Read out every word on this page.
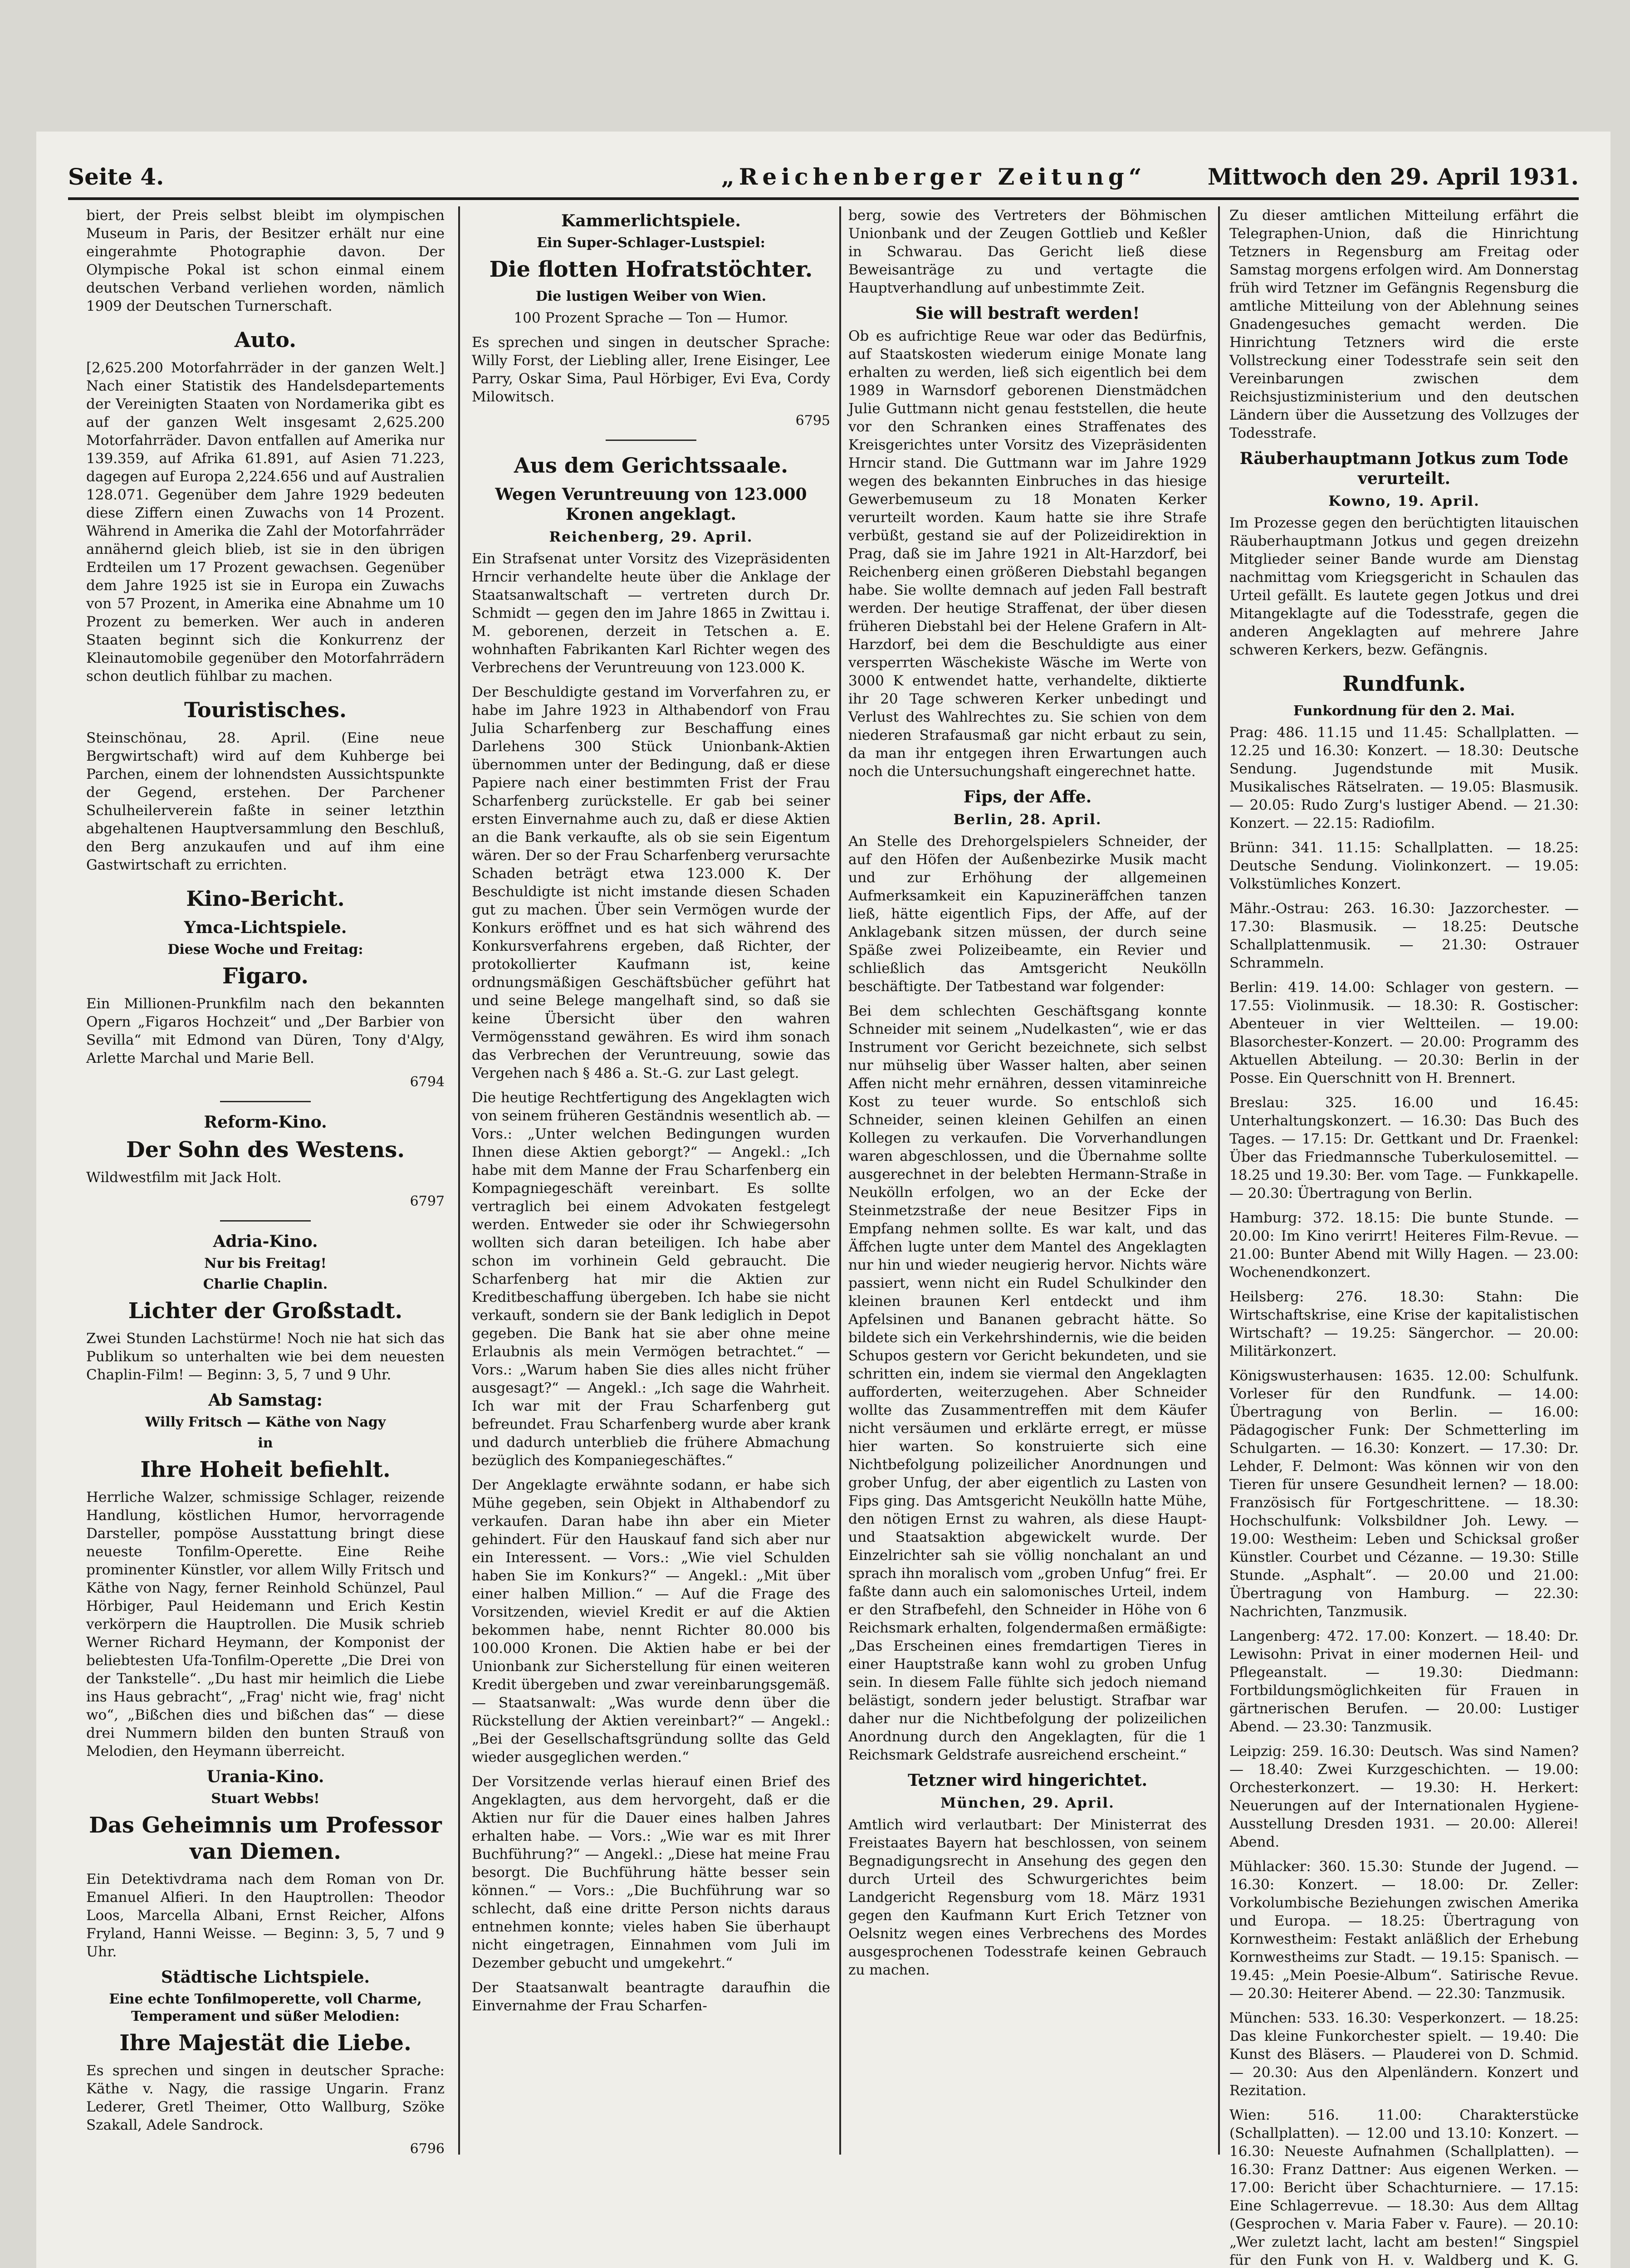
Seite 4.	„Reichenberger Zeitung“	Mittwoch den 29. April 1931.

biert, der Preis selbst bleibt im olympischen Museum in Paris, der Besitzer erhält nur eine eingerahmte Photographie davon. Der Olympische Pokal ist schon einmal einem deutschen Verband verliehen worden, nämlich 1909 der Deutschen Turnerschaft.

Auto.

[2,625.200 Motorfahrräder in der ganzen Welt.] Nach einer Statistik des Handelsdepartements der Vereinigten Staaten von Nordamerika gibt es auf der ganzen Welt insgesamt 2,625.200 Motorfahrräder. Davon entfallen auf Amerika nur 139.359, auf Afrika 61.891, auf Asien 71.223, dagegen auf Europa 2,224.656 und auf Australien 128.071. Gegenüber dem Jahre 1929 bedeuten diese Ziffern einen Zuwachs von 14 Prozent. Während in Amerika die Zahl der Motorfahrräder annähernd gleich blieb, ist sie in den übrigen Erdteilen um 17 Prozent gewachsen. Gegenüber dem Jahre 1925 ist sie in Europa ein Zuwachs von 57 Prozent, in Amerika eine Abnahme um 10 Prozent zu bemerken. Wer auch in anderen Staaten beginnt sich die Konkurrenz der Kleinautomobile gegenüber den Motorfahrrädern schon deutlich fühlbar zu machen.

Touristisches.

Steinschönau, 28. April. (Eine neue Bergwirtschaft) wird auf dem Kuhberge bei Parchen, einem der lohnendsten Aussichtspunkte der Gegend, erstehen. Der Parchener Schulheilerverein faßte in seiner letzthin abgehaltenen Hauptversammlung den Beschluß, den Berg anzukaufen und auf ihm eine Gastwirtschaft zu errichten.

Kino-Bericht.
Ymca-Lichtspiele.
Diese Woche und Freitag:
Figaro.

Ein Millionen-Prunkfilm nach den bekannten Opern „Figaros Hochzeit“ und „Der Barbier von Sevilla“ mit Edmond van Düren, Tony d'Algy, Arlette Marchal und Marie Bell.

6794
Reform-Kino.
Der Sohn des Westens.

Wildwestfilm mit Jack Holt.

6797
Adria-Kino.
Nur bis Freitag!
Charlie Chaplin.
Lichter der Großstadt.

Zwei Stunden Lachstürme! Noch nie hat sich das Publikum so unterhalten wie bei dem neuesten Chaplin-Film! — Beginn: 3, 5, 7 und 9 Uhr.

Ab Samstag:
Willy Fritsch — Käthe von Nagy
in
Ihre Hoheit befiehlt.

Herrliche Walzer, schmissige Schlager, reizende Handlung, köstlichen Humor, hervorragende Darsteller, pompöse Ausstattung bringt diese neueste Tonfilm-Operette. Eine Reihe prominenter Künstler, vor allem Willy Fritsch und Käthe von Nagy, ferner Reinhold Schünzel, Paul Hörbiger, Paul Heidemann und Erich Kestin verkörpern die Hauptrollen. Die Musik schrieb Werner Richard Heymann, der Komponist der beliebtesten Ufa-Tonfilm-Operette „Die Drei von der Tankstelle“. „Du hast mir heimlich die Liebe ins Haus gebracht“, „Frag' nicht wie, frag' nicht wo“, „Bißchen dies und bißchen das“ — diese drei Nummern bilden den bunten Strauß von Melodien, den Heymann überreicht.

Urania-Kino.
Stuart Webbs!
Das Geheimnis um Professor van Diemen.

Ein Detektivdrama nach dem Roman von Dr. Emanuel Alfieri. In den Hauptrollen: Theodor Loos, Marcella Albani, Ernst Reicher, Alfons Fryland, Hanni Weisse. — Beginn: 3, 5, 7 und 9 Uhr.

Städtische Lichtspiele.
Eine echte Tonfilmoperette, voll Charme, Temperament und süßer Melodien:
Ihre Majestät die Liebe.

Es sprechen und singen in deutscher Sprache: Käthe v. Nagy, die rassige Ungarin. Franz Lederer, Gretl Theimer, Otto Wallburg, Szöke Szakall, Adele Sandrock.

6796
Kammerlichtspiele.
Ein Super-Schlager-Lustspiel:
Die flotten Hofratstöchter.
Die lustigen Weiber von Wien.

100 Prozent Sprache — Ton — Humor.

Es sprechen und singen in deutscher Sprache: Willy Forst, der Liebling aller, Irene Eisinger, Lee Parry, Oskar Sima, Paul Hörbiger, Evi Eva, Cordy Milowitsch.

6795
Aus dem Gerichtssaale.
Wegen Veruntreuung von 123.000 Kronen angeklagt.
Reichenberg, 29. April.

Ein Strafsenat unter Vorsitz des Vizepräsidenten Hrncir verhandelte heute über die Anklage der Staatsanwaltschaft — vertreten durch Dr. Schmidt — gegen den im Jahre 1865 in Zwittau i. M. geborenen, derzeit in Tetschen a. E. wohnhaften Fabrikanten Karl Richter wegen des Verbrechens der Veruntreuung von 123.000 K.

Der Beschuldigte gestand im Vorverfahren zu, er habe im Jahre 1923 in Althabendorf von Frau Julia Scharfenberg zur Beschaffung eines Darlehens 300 Stück Unionbank-Aktien übernommen unter der Bedingung, daß er diese Papiere nach einer bestimmten Frist der Frau Scharfenberg zurückstelle. Er gab bei seiner ersten Einvernahme auch zu, daß er diese Aktien an die Bank verkaufte, als ob sie sein Eigentum wären. Der so der Frau Scharfenberg verursachte Schaden beträgt etwa 123.000 K. Der Beschuldigte ist nicht imstande diesen Schaden gut zu machen. Über sein Vermögen wurde der Konkurs eröffnet und es hat sich während des Konkursverfahrens ergeben, daß Richter, der protokollierter Kaufmann ist, keine ordnungsmäßigen Geschäftsbücher geführt hat und seine Belege mangelhaft sind, so daß sie keine Übersicht über den wahren Vermögensstand gewähren. Es wird ihm sonach das Verbrechen der Veruntreuung, sowie das Vergehen nach § 486 a. St.-G. zur Last gelegt.

Die heutige Rechtfertigung des Angeklagten wich von seinem früheren Geständnis wesentlich ab. — Vors.: „Unter welchen Bedingungen wurden Ihnen diese Aktien geborgt?“ — Angekl.: „Ich habe mit dem Manne der Frau Scharfenberg ein Kompagniegeschäft vereinbart. Es sollte vertraglich bei einem Advokaten festgelegt werden. Entweder sie oder ihr Schwiegersohn wollten sich daran beteiligen. Ich habe aber schon im vorhinein Geld gebraucht. Die Scharfenberg hat mir die Aktien zur Kreditbeschaffung übergeben. Ich habe sie nicht verkauft, sondern sie der Bank lediglich in Depot gegeben. Die Bank hat sie aber ohne meine Erlaubnis als mein Vermögen betrachtet.“ — Vors.: „Warum haben Sie dies alles nicht früher ausgesagt?“ — Angekl.: „Ich sage die Wahrheit. Ich war mit der Frau Scharfenberg gut befreundet. Frau Scharfenberg wurde aber krank und dadurch unterblieb die frühere Abmachung bezüglich des Kompaniegeschäftes.“

Der Angeklagte erwähnte sodann, er habe sich Mühe gegeben, sein Objekt in Althabendorf zu verkaufen. Daran habe ihn aber ein Mieter gehindert. Für den Hauskauf fand sich aber nur ein Interessent. — Vors.: „Wie viel Schulden haben Sie im Konkurs?“ — Angekl.: „Mit über einer halben Million.“ — Auf die Frage des Vorsitzenden, wieviel Kredit er auf die Aktien bekommen habe, nennt Richter 80.000 bis 100.000 Kronen. Die Aktien habe er bei der Unionbank zur Sicherstellung für einen weiteren Kredit übergeben und zwar vereinbarungsgemäß. — Staatsanwalt: „Was wurde denn über die Rückstellung der Aktien vereinbart?“ — Angekl.: „Bei der Gesellschaftsgründung sollte das Geld wieder ausgeglichen werden.“

Der Vorsitzende verlas hierauf einen Brief des Angeklagten, aus dem hervorgeht, daß er die Aktien nur für die Dauer eines halben Jahres erhalten habe. — Vors.: „Wie war es mit Ihrer Buchführung?“ — Angekl.: „Diese hat meine Frau besorgt. Die Buchführung hätte besser sein können.“ — Vors.: „Die Buchführung war so schlecht, daß eine dritte Person nichts daraus entnehmen konnte; vieles haben Sie überhaupt nicht eingetragen, Einnahmen vom Juli im Dezember gebucht und umgekehrt.“

Der Staatsanwalt beantragte daraufhin die Einvernahme der Frau Scharfen-

berg, sowie des Vertreters der Böhmischen Unionbank und der Zeugen Gottlieb und Keßler in Schwarau. Das Gericht ließ diese Beweisanträge zu und vertagte die Hauptverhandlung auf unbestimmte Zeit.

Sie will bestraft werden!

Ob es aufrichtige Reue war oder das Bedürfnis, auf Staatskosten wiederum einige Monate lang erhalten zu werden, ließ sich eigentlich bei dem 1989 in Warnsdorf geborenen Dienstmädchen Julie Guttmann nicht genau feststellen, die heute vor den Schranken eines Straffenates des Kreisgerichtes unter Vorsitz des Vizepräsidenten Hrncir stand. Die Guttmann war im Jahre 1929 wegen des bekannten Einbruches in das hiesige Gewerbemuseum zu 18 Monaten Kerker verurteilt worden. Kaum hatte sie ihre Strafe verbüßt, gestand sie auf der Polizeidirektion in Prag, daß sie im Jahre 1921 in Alt-Harzdorf, bei Reichenberg einen größeren Diebstahl begangen habe. Sie wollte demnach auf jeden Fall bestraft werden. Der heutige Straffenat, der über diesen früheren Diebstahl bei der Helene Grafern in Alt-Harzdorf, bei dem die Beschuldigte aus einer versperrten Wäschekiste Wäsche im Werte von 3000 K entwendet hatte, verhandelte, diktierte ihr 20 Tage schweren Kerker unbedingt und Verlust des Wahlrechtes zu. Sie schien von dem niederen Strafausmaß gar nicht erbaut zu sein, da man ihr entgegen ihren Erwartungen auch noch die Untersuchungshaft eingerechnet hatte.

Fips, der Affe.
Berlin, 28. April.

An Stelle des Drehorgelspielers Schneider, der auf den Höfen der Außenbezirke Musik macht und zur Erhöhung der allgemeinen Aufmerksamkeit ein Kapuzineräffchen tanzen ließ, hätte eigentlich Fips, der Affe, auf der Anklagebank sitzen müssen, der durch seine Späße zwei Polizeibeamte, ein Revier und schließlich das Amtsgericht Neukölln beschäftigte. Der Tatbestand war folgender:

Bei dem schlechten Geschäftsgang konnte Schneider mit seinem „Nudelkasten“, wie er das Instrument vor Gericht bezeichnete, sich selbst nur mühselig über Wasser halten, aber seinen Affen nicht mehr ernähren, dessen vitaminreiche Kost zu teuer wurde. So entschloß sich Schneider, seinen kleinen Gehilfen an einen Kollegen zu verkaufen. Die Vorverhandlungen waren abgeschlossen, und die Übernahme sollte ausgerechnet in der belebten Hermann-Straße in Neukölln erfolgen, wo an der Ecke der Steinmetzstraße der neue Besitzer Fips in Empfang nehmen sollte. Es war kalt, und das Äffchen lugte unter dem Mantel des Angeklagten nur hin und wieder neugierig hervor. Nichts wäre passiert, wenn nicht ein Rudel Schulkinder den kleinen braunen Kerl entdeckt und ihm Apfelsinen und Bananen gebracht hätte. So bildete sich ein Verkehrshindernis, wie die beiden Schupos gestern vor Gericht bekundeten, und sie schritten ein, indem sie viermal den Angeklagten aufforderten, weiterzugehen. Aber Schneider wollte das Zusammentreffen mit dem Käufer nicht versäumen und erklärte erregt, er müsse hier warten. So konstruierte sich eine Nichtbefolgung polizeilicher Anordnungen und grober Unfug, der aber eigentlich zu Lasten von Fips ging. Das Amtsgericht Neukölln hatte Mühe, den nötigen Ernst zu wahren, als diese Haupt- und Staatsaktion abgewickelt wurde. Der Einzelrichter sah sie völlig nonchalant an und sprach ihn moralisch vom „groben Unfug“ frei. Er faßte dann auch ein salomonisches Urteil, indem er den Strafbefehl, den Schneider in Höhe von 6 Reichsmark erhalten, folgendermaßen ermäßigte: „Das Erscheinen eines fremdartigen Tieres in einer Hauptstraße kann wohl zu groben Unfug sein. In diesem Falle fühlte sich jedoch niemand belästigt, sondern jeder belustigt. Strafbar war daher nur die Nichtbefolgung der polizeilichen Anordnung durch den Angeklagten, für die 1 Reichsmark Geldstrafe ausreichend erscheint.“

Tetzner wird hingerichtet.
München, 29. April.

Amtlich wird verlautbart: Der Ministerrat des Freistaates Bayern hat beschlossen, von seinem Begnadigungsrecht in Ansehung des gegen den durch Urteil des Schwurgerichtes beim Landgericht Regensburg vom 18. März 1931 gegen den Kaufmann Kurt Erich Tetzner von Oelsnitz wegen eines Verbrechens des Mordes ausgesprochenen Todesstrafe keinen Gebrauch zu machen.

Zu dieser amtlichen Mitteilung erfährt die Telegraphen-Union, daß die Hinrichtung Tetzners in Regensburg am Freitag oder Samstag morgens erfolgen wird. Am Donnerstag früh wird Tetzner im Gefängnis Regensburg die amtliche Mitteilung von der Ablehnung seines Gnadengesuches gemacht werden. Die Hinrichtung Tetzners wird die erste Vollstreckung einer Todesstrafe sein seit den Vereinbarungen zwischen dem Reichsjustizministerium und den deutschen Ländern über die Aussetzung des Vollzuges der Todesstrafe.

Räuberhauptmann Jotkus zum Tode verurteilt.
Kowno, 19. April.

Im Prozesse gegen den berüchtigten litauischen Räuberhauptmann Jotkus und gegen dreizehn Mitglieder seiner Bande wurde am Dienstag nachmittag vom Kriegsgericht in Schaulen das Urteil gefällt. Es lautete gegen Jotkus und drei Mitangeklagte auf die Todesstrafe, gegen die anderen Angeklagten auf mehrere Jahre schweren Kerkers, bezw. Gefängnis.

Rundfunk.
Funkordnung für den 2. Mai.

Prag: 486. 11.15 und 11.45: Schallplatten. — 12.25 und 16.30: Konzert. — 18.30: Deutsche Sendung. Jugendstunde mit Musik. Musikalisches Rätselraten. — 19.05: Blasmusik. — 20.05: Rudo Zurg's lustiger Abend. — 21.30: Konzert. — 22.15: Radiofilm.

Brünn: 341. 11.15: Schallplatten. — 18.25: Deutsche Sendung. Violinkonzert. — 19.05: Volkstümliches Konzert.

Mähr.-Ostrau: 263. 16.30: Jazzorchester. — 17.30: Blasmusik. — 18.25: Deutsche Schallplattenmusik. — 21.30: Ostrauer Schrammeln.

Berlin: 419. 14.00: Schlager von gestern. — 17.55: Violinmusik. — 18.30: R. Gostischer: Abenteuer in vier Weltteilen. — 19.00: Blasorchester-Konzert. — 20.00: Programm des Aktuellen Abteilung. — 20.30: Berlin in der Posse. Ein Querschnitt von H. Brennert.

Breslau: 325. 16.00 und 16.45: Unterhaltungskonzert. — 16.30: Das Buch des Tages. — 17.15: Dr. Gettkant und Dr. Fraenkel: Über das Friedmannsche Tuberkulosemittel. — 18.25 und 19.30: Ber. vom Tage. — Funkkapelle. — 20.30: Übertragung von Berlin.

Hamburg: 372. 18.15: Die bunte Stunde. — 20.00: Im Kino verirrt! Heiteres Film-Revue. — 21.00: Bunter Abend mit Willy Hagen. — 23.00: Wochenendkonzert.

Heilsberg: 276. 18.30: Stahn: Die Wirtschaftskrise, eine Krise der kapitalistischen Wirtschaft? — 19.25: Sängerchor. — 20.00: Militärkonzert.

Königswusterhausen: 1635. 12.00: Schulfunk. Vorleser für den Rundfunk. — 14.00: Übertragung von Berlin. — 16.00: Pädagogischer Funk: Der Schmetterling im Schulgarten. — 16.30: Konzert. — 17.30: Dr. Lehder, F. Delmont: Was können wir von den Tieren für unsere Gesundheit lernen? — 18.00: Französisch für Fortgeschrittene. — 18.30: Hochschulfunk: Volksbildner Joh. Lewy. — 19.00: Westheim: Leben und Schicksal großer Künstler. Courbet und Cézanne. — 19.30: Stille Stunde. „Asphalt“. — 20.00 und 21.00: Übertragung von Hamburg. — 22.30: Nachrichten, Tanzmusik.

Langenberg: 472. 17.00: Konzert. — 18.40: Dr. Lewisohn: Privat in einer modernen Heil- und Pflegeanstalt. — 19.30: Diedmann: Fortbildungsmöglichkeiten für Frauen in gärtnerischen Berufen. — 20.00: Lustiger Abend. — 23.30: Tanzmusik.

Leipzig: 259. 16.30: Deutsch. Was sind Namen? — 18.40: Zwei Kurzgeschichten. — 19.00: Orchesterkonzert. — 19.30: H. Herkert: Neuerungen auf der Internationalen Hygiene-Ausstellung Dresden 1931. — 20.00: Allerei! Abend.

Mühlacker: 360. 15.30: Stunde der Jugend. — 16.30: Konzert. — 18.00: Dr. Zeller: Vorkolumbische Beziehungen zwischen Amerika und Europa. — 18.25: Übertragung von Kornwestheim: Festakt anläßlich der Erhebung Kornwestheims zur Stadt. — 19.15: Spanisch. — 19.45: „Mein Poesie-Album“. Satirische Revue. — 20.30: Heiterer Abend. — 22.30: Tanzmusik.

München: 533. 16.30: Vesperkonzert. — 18.25: Das kleine Funkorchester spielt. — 19.40: Die Kunst des Bläsers. — Plauderei von D. Schmid. — 20.30: Aus den Alpenländern. Konzert und Rezitation.

Wien: 516. 11.00: Charakterstücke (Schallplatten). — 12.00 und 13.10: Konzert. — 16.30: Neueste Aufnahmen (Schallplatten). — 16.30: Franz Dattner: Aus eigenen Werken. — 17.00: Bericht über Schachturniere. — 17.15: Eine Schlagerrevue. — 18.30: Aus dem Alltag (Gesprochen v. Maria Faber v. Faure). — 20.10: „Wer zuletzt lacht, lacht am besten!“ Singspiel für den Funk von H. v. Waldberg und K. G.
